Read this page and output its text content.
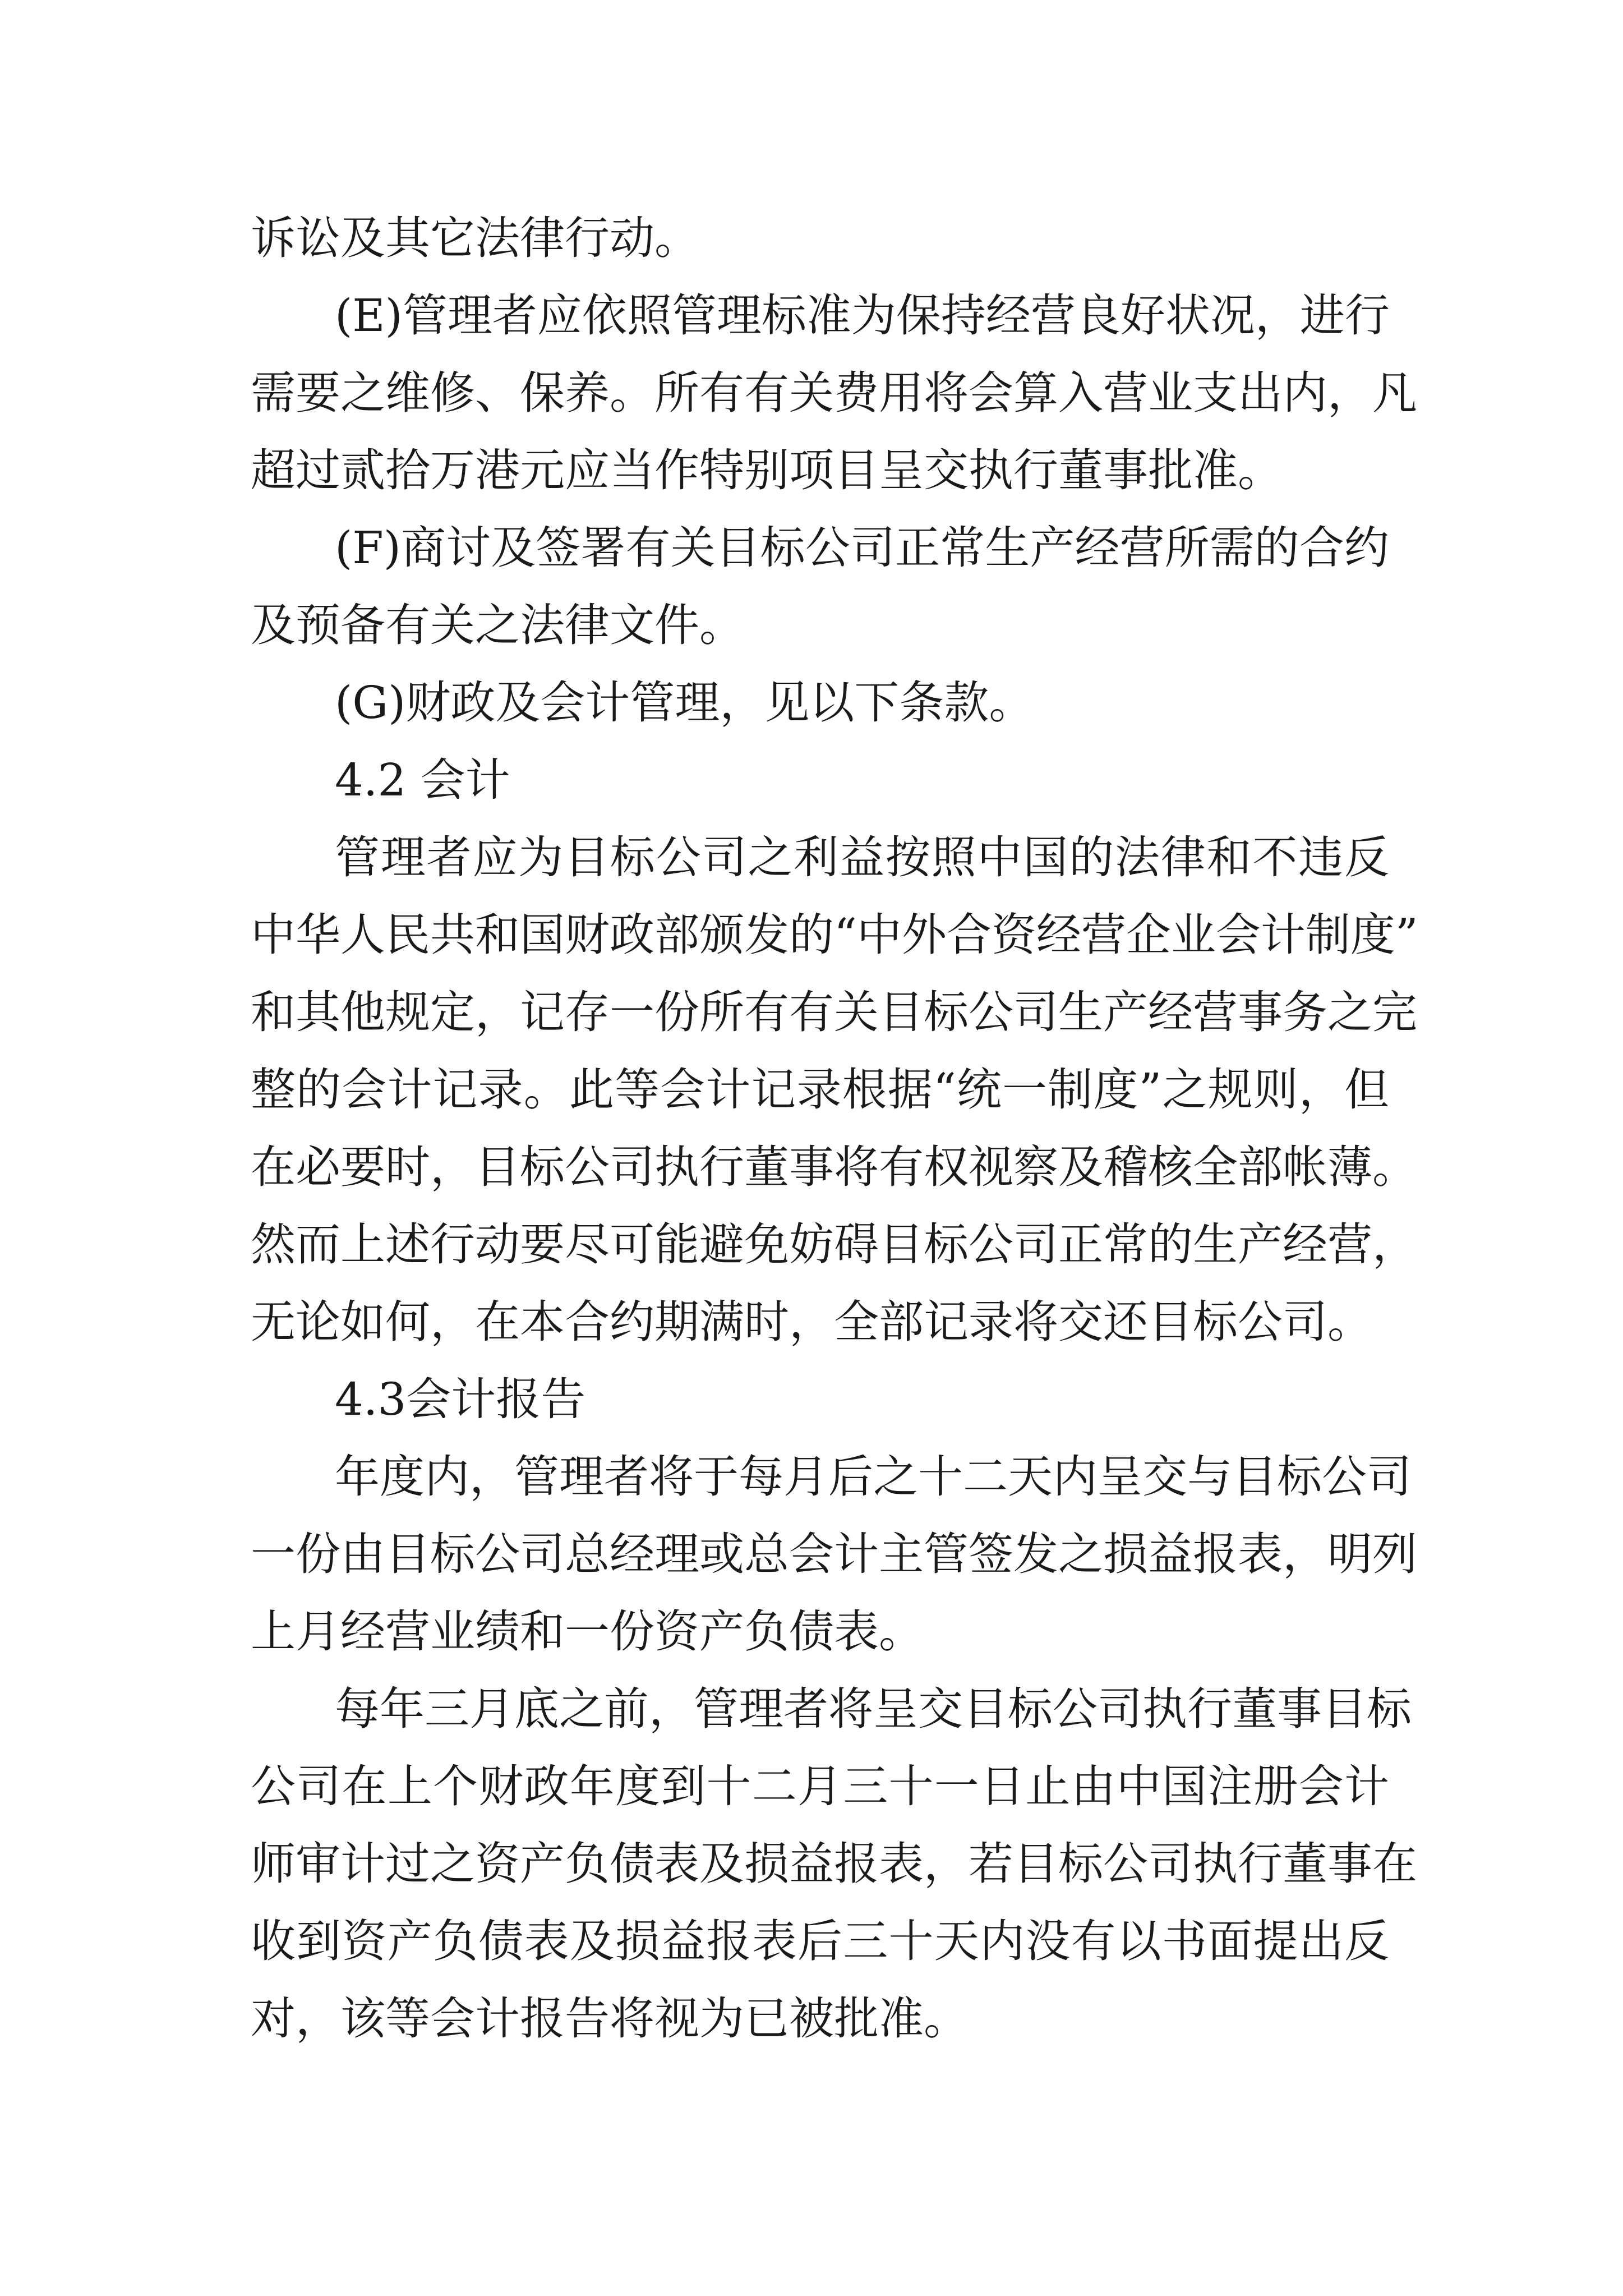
诉讼及其它法律行动。
(E)管理者应依照管理标准为保持经营良好状况，进行
需要之维修、保养。所有有关费用将会算入营业支出内，凡
超过贰拾万港元应当作特别项目呈交执行董事批准。
(F)商讨及签署有关目标公司正常生产经营所需的合约
及预备有关之法律文件。
(G)财政及会计管理，见以下条款。
4.2 会计
管理者应为目标公司之利益按照中国的法律和不违反
中华人民共和国财政部颁发的“中外合资经营企业会计制度”
和其他规定，记存一份所有有关目标公司生产经营事务之完
整的会计记录。此等会计记录根据“统一制度”之规则，但
在必要时，目标公司执行董事将有权视察及稽核全部帐薄。
然而上述行动要尽可能避免妨碍目标公司正常的生产经营，
无论如何，在本合约期满时，全部记录将交还目标公司。
4.3会计报告
年度内，管理者将于每月后之十二天内呈交与目标公司
一份由目标公司总经理或总会计主管签发之损益报表，明列
上月经营业绩和一份资产负债表。
每年三月底之前，管理者将呈交目标公司执行董事目标
公司在上个财政年度到十二月三十一日止由中国注册会计
师审计过之资产负债表及损益报表，若目标公司执行董事在
收到资产负债表及损益报表后三十天内没有以书面提出反
对，该等会计报告将视为已被批准。
